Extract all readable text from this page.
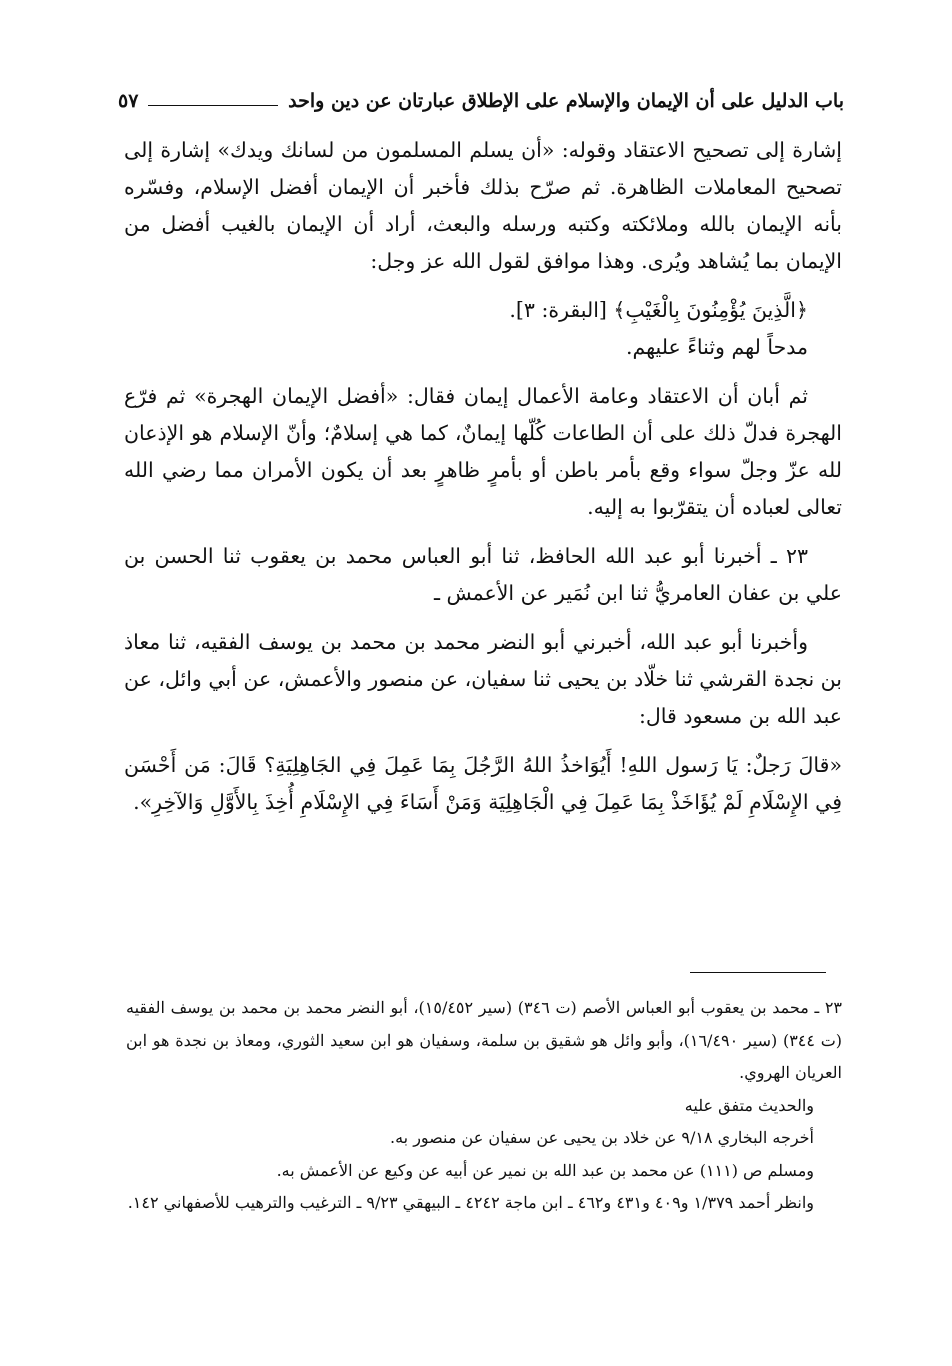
باب الدليل على أن الإيمان والإسلام على الإطلاق عبارتان عن دين واحد
٥٧

إشارة إلى تصحيح الاعتقاد وقوله: «أن يسلم المسلمون من لسانك ويدك» إشارة إلى تصحيح المعاملات الظاهرة. ثم صرّح بذلك فأخبر أن الإيمان أفضل الإسلام، وفسّره بأنه الإيمان بالله وملائكته وكتبه ورسله والبعث، أراد أن الإيمان بالغيب أفضل من الإيمان بما يُشاهد ويُرى. وهذا موافق لقول الله عز وجل:

﴿الَّذِينَ يُؤْمِنُونَ بِالْغَيْبِ﴾ [البقرة: ٣].

مدحاً لهم وثناءً عليهم.

ثم أبان أن الاعتقاد وعامة الأعمال إيمان فقال: «أفضل الإيمان الهجرة» ثم فرّع الهجرة فدلّ ذلك على أن الطاعات كُلّها إيمانٌ، كما هي إسلامٌ؛ وأنّ الإسلام هو الإذعان لله عزّ وجلّ سواء وقع بأمر باطن أو بأمرٍ ظاهرٍ بعد أن يكون الأمران مما رضي الله تعالى لعباده أن يتقرّبوا به إليه.

٢٣ ـ أخبرنا أبو عبد الله الحافظ، ثنا أبو العباس محمد بن يعقوب ثنا الحسن بن علي بن عفان العامريُّ ثنا ابن نُمَير عن الأعمش ـ

وأخبرنا أبو عبد الله، أخبرني أبو النضر محمد بن محمد بن يوسف الفقيه، ثنا معاذ بن نجدة القرشي ثنا خلّاد بن يحيى ثنا سفيان، عن منصور والأعمش، عن أبي وائل، عن عبد الله بن مسعود قال:

«قالَ رَجلٌ: يَا رَسول اللهِ! أَيُوَاخذُ اللهُ الرَّجُلَ بِمَا عَمِلَ فِي الجَاهِلِيَةِ؟ قَالَ: مَن أَحْسَن فِي الإِسْلَامِ لَمْ يُؤَاخَذْ بِمَا عَمِلَ فِي الْجَاهِلِيَة وَمَنْ أَسَاءَ فِي الإِسْلَامِ أُخِذَ بِالأَوَّلِ وَالآخِرِ».

٢٣ ـ محمد بن يعقوب أبو العباس الأصم (ت ٣٤٦) (سير ١٥/٤٥٢)، أبو النضر محمد بن محمد بن يوسف الفقيه (ت ٣٤٤) (سير ١٦/٤٩٠)، وأبو وائل هو شقيق بن سلمة، وسفيان هو ابن سعيد الثوري، ومعاذ بن نجدة هو ابن العريان الهروي.

والحديث متفق عليه

أخرجه البخاري ٩/١٨ عن خلاد بن يحيى عن سفيان عن منصور به.

ومسلم ص (١١١) عن محمد بن عبد الله بن نمير عن أبيه عن وكيع عن الأعمش به.

وانظر أحمد ١/٣٧٩ و٤٠٩ و٤٣١ و٤٦٢ ـ ابن ماجة ٤٢٤٢ ـ البيهقي ٩/٢٣ ـ الترغيب والترهيب للأصفهاني ١٤٢.
